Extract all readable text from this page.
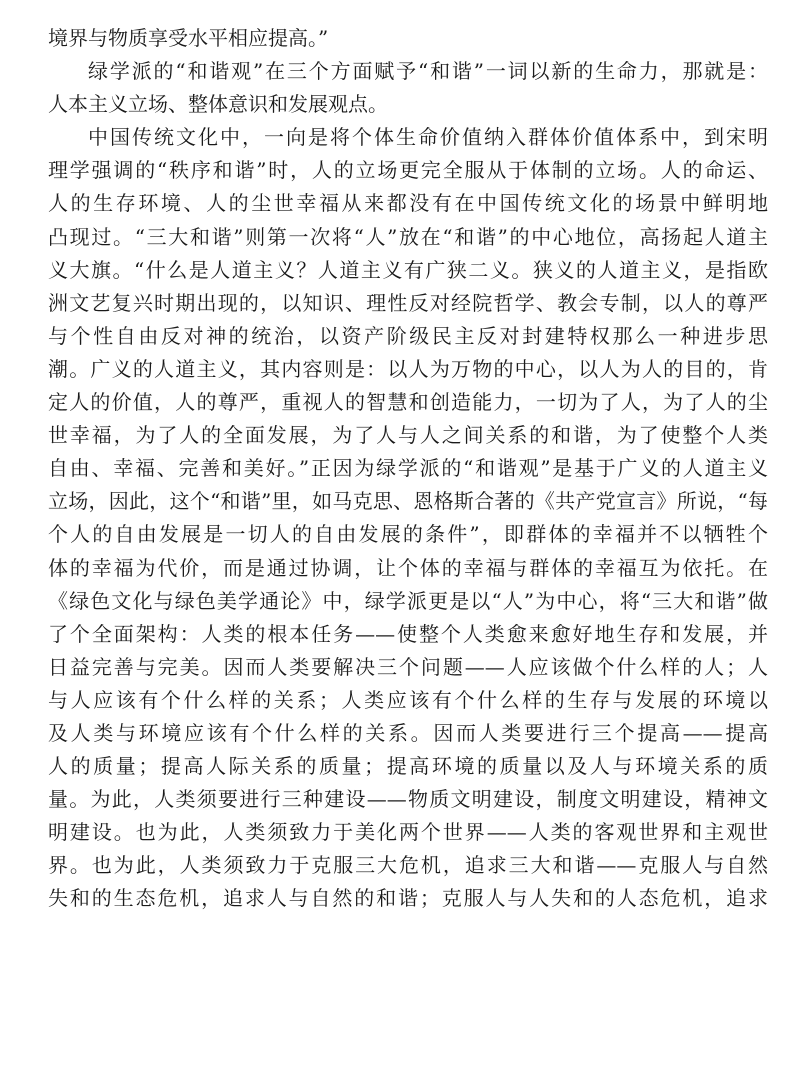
境界与物质享受水平相应提高。”
绿学派的“和谐观”在三个方面赋予“和谐”一词以新的生命力，那就是：
人本主义立场、整体意识和发展观点。
中国传统文化中，一向是将个体生命价值纳入群体价值体系中，到宋明
理学强调的“秩序和谐”时，人的立场更完全服从于体制的立场。人的命运、
人的生存环境、人的尘世幸福从来都没有在中国传统文化的场景中鲜明地
凸现过。“三大和谐”则第一次将“人”放在“和谐”的中心地位，高扬起人道主
义大旗。“什么是人道主义？人道主义有广狭二义。狭义的人道主义，是指欧
洲文艺复兴时期出现的，以知识、理性反对经院哲学、教会专制，以人的尊严
与个性自由反对神的统治，以资产阶级民主反对封建特权那么一种进步思
潮。广义的人道主义，其内容则是：以人为万物的中心，以人为人的目的，肯
定人的价值，人的尊严，重视人的智慧和创造能力，一切为了人，为了人的尘
世幸福，为了人的全面发展，为了人与人之间关系的和谐，为了使整个人类
自由、幸福、完善和美好。”正因为绿学派的“和谐观”是基于广义的人道主义
立场，因此，这个“和谐”里，如马克思、恩格斯合著的《共产党宣言》所说，“每
个人的自由发展是一切人的自由发展的条件”，即群体的幸福并不以牺牲个
体的幸福为代价，而是通过协调，让个体的幸福与群体的幸福互为依托。在
《绿色文化与绿色美学通论》中，绿学派更是以“人”为中心，将“三大和谐”做
了个全面架构：人类的根本任务——使整个人类愈来愈好地生存和发展，并
日益完善与完美。因而人类要解决三个问题——人应该做个什么样的人；人
与人应该有个什么样的关系；人类应该有个什么样的生存与发展的环境以
及人类与环境应该有个什么样的关系。因而人类要进行三个提高——提高
人的质量；提高人际关系的质量；提高环境的质量以及人与环境关系的质
量。为此，人类须要进行三种建设——物质文明建设，制度文明建设，精神文
明建设。也为此，人类须致力于美化两个世界——人类的客观世界和主观世
界。也为此，人类须致力于克服三大危机，追求三大和谐——克服人与自然
失和的生态危机，追求人与自然的和谐；克服人与人失和的人态危机，追求
